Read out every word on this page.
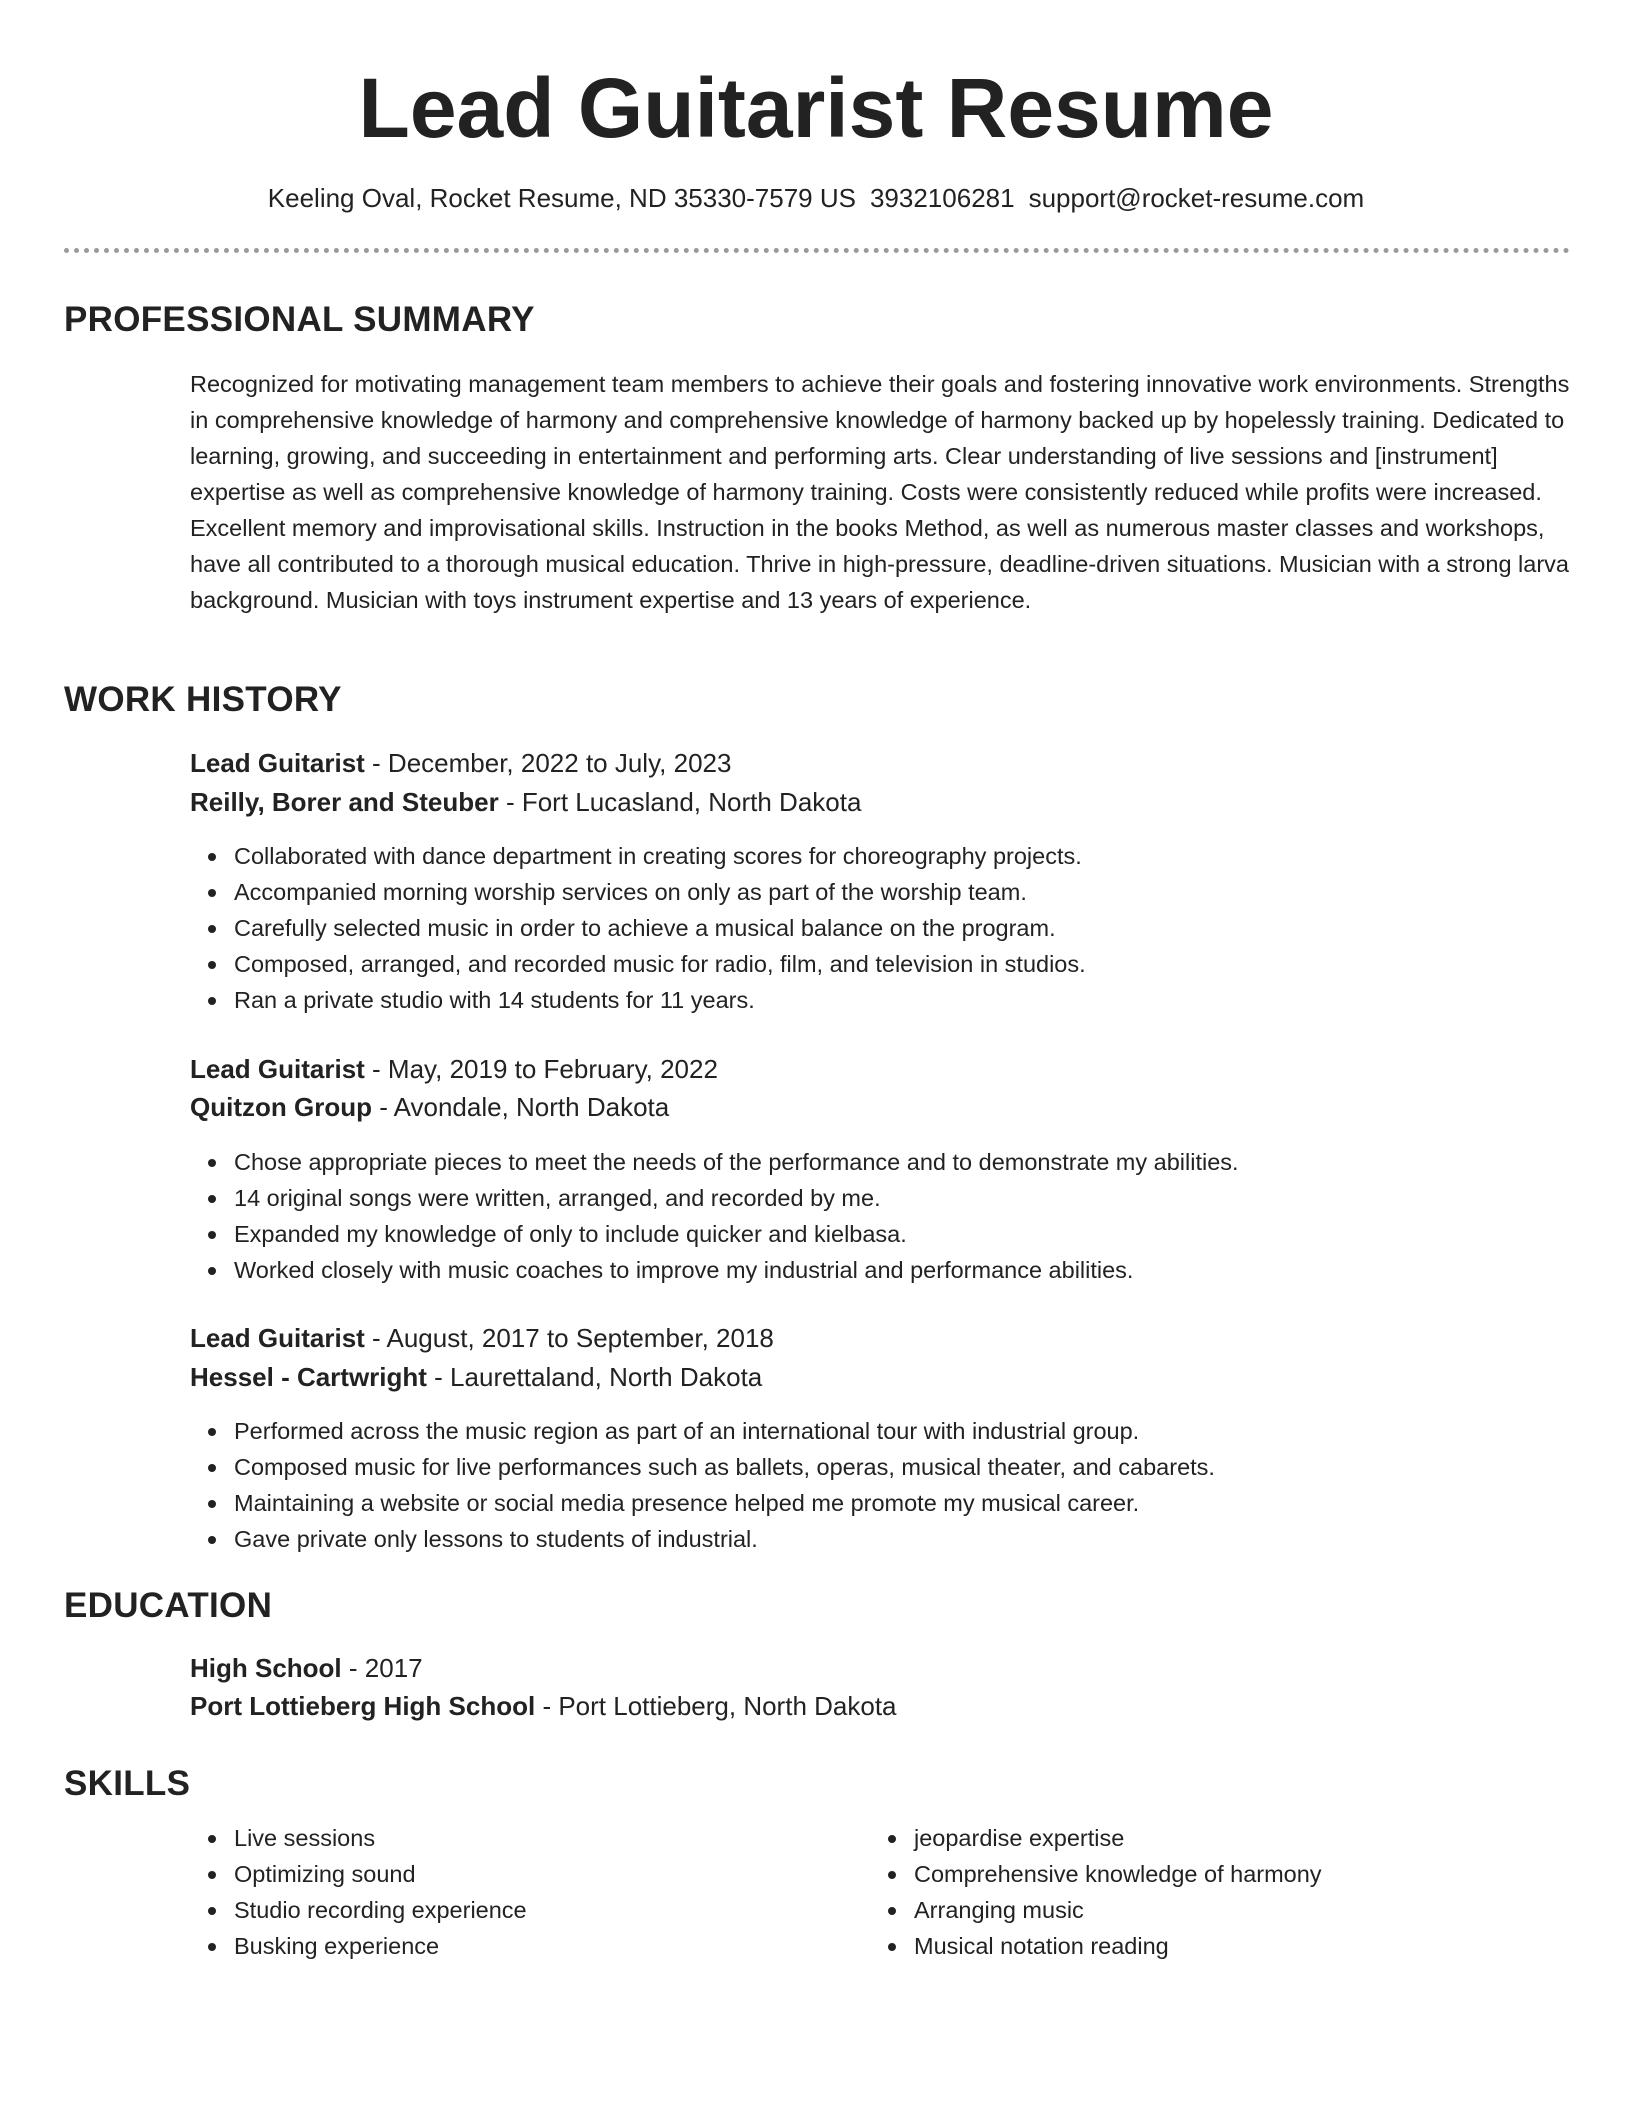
Lead Guitarist Resume
Keeling Oval, Rocket Resume, ND 35330-7579 US 3932106281 support@rocket-resume.com
PROFESSIONAL SUMMARY

Recognized for motivating management team members to achieve their goals and fostering innovative work environments. Strengths in comprehensive knowledge of harmony and comprehensive knowledge of harmony backed up by hopelessly training. Dedicated to learning, growing, and succeeding in entertainment and performing arts. Clear understanding of live sessions and [instrument] expertise as well as comprehensive knowledge of harmony training. Costs were consistently reduced while profits were increased. Excellent memory and improvisational skills. Instruction in the books Method, as well as numerous master classes and workshops, have all contributed to a thorough musical education. Thrive in high-pressure, deadline-driven situations. Musician with a strong larva background. Musician with toys instrument expertise and 13 years of experience.

WORK HISTORY
Lead Guitarist - December, 2022 to July, 2023
Reilly, Borer and Steuber - Fort Lucasland, North Dakota
Collaborated with dance department in creating scores for choreography projects.
Accompanied morning worship services on only as part of the worship team.
Carefully selected music in order to achieve a musical balance on the program.
Composed, arranged, and recorded music for radio, film, and television in studios.
Ran a private studio with 14 students for 11 years.
Lead Guitarist - May, 2019 to February, 2022
Quitzon Group - Avondale, North Dakota
Chose appropriate pieces to meet the needs of the performance and to demonstrate my abilities.
14 original songs were written, arranged, and recorded by me.
Expanded my knowledge of only to include quicker and kielbasa.
Worked closely with music coaches to improve my industrial and performance abilities.
Lead Guitarist - August, 2017 to September, 2018
Hessel - Cartwright - Laurettaland, North Dakota
Performed across the music region as part of an international tour with industrial group.
Composed music for live performances such as ballets, operas, musical theater, and cabarets.
Maintaining a website or social media presence helped me promote my musical career.
Gave private only lessons to students of industrial.
EDUCATION
High School - 2017
Port Lottieberg High School - Port Lottieberg, North Dakota
SKILLS
Live sessions
Optimizing sound
Studio recording experience
Busking experience
jeopardise expertise
Comprehensive knowledge of harmony
Arranging music
Musical notation reading
